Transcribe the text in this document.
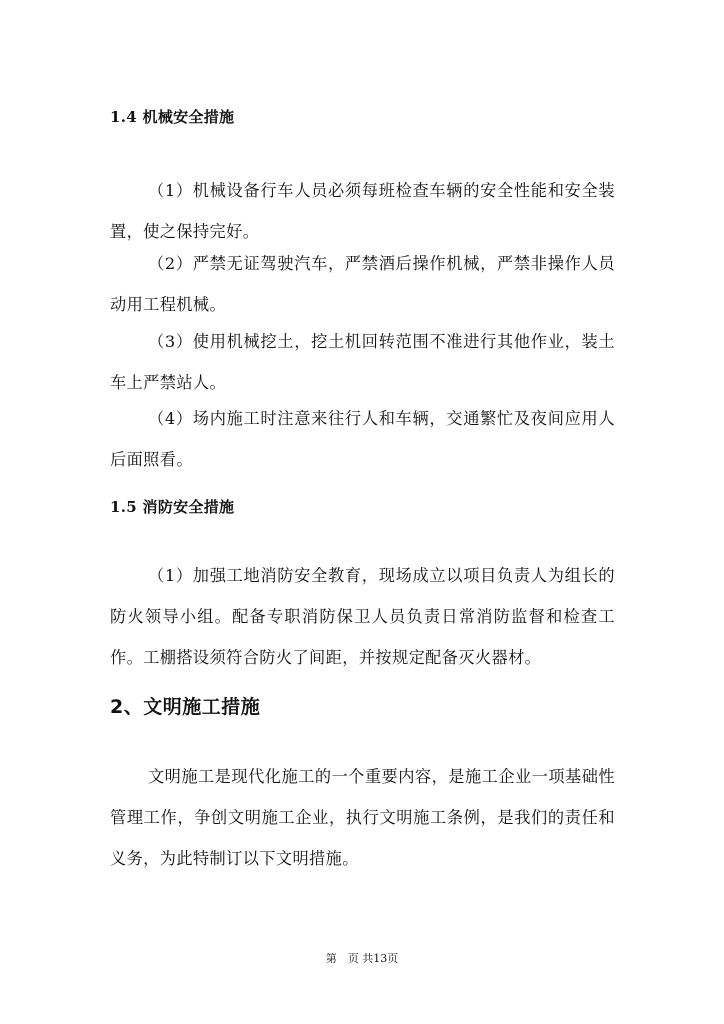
1.4 机械安全措施
（1）机械设备行车人员必须每班检查车辆的安全性能和安全装置，使之保持完好。
（2）严禁无证驾驶汽车，严禁酒后操作机械，严禁非操作人员动用工程机械。
（3）使用机械挖土，挖土机回转范围不准进行其他作业，装土车上严禁站人。
（4）场内施工时注意来往行人和车辆，交通繁忙及夜间应用人后面照看。
1.5 消防安全措施
（1）加强工地消防安全教育，现场成立以项目负责人为组长的防火领导小组。配备专职消防保卫人员负责日常消防监督和检查工作。工棚搭设须符合防火了间距，并按规定配备灭火器材。
2、文明施工措施
文明施工是现代化施工的一个重要内容，是施工企业一项基础性管理工作，争创文明施工企业，执行文明施工条例，是我们的责任和义务，为此特制订以下文明措施。
第　页 共13页
